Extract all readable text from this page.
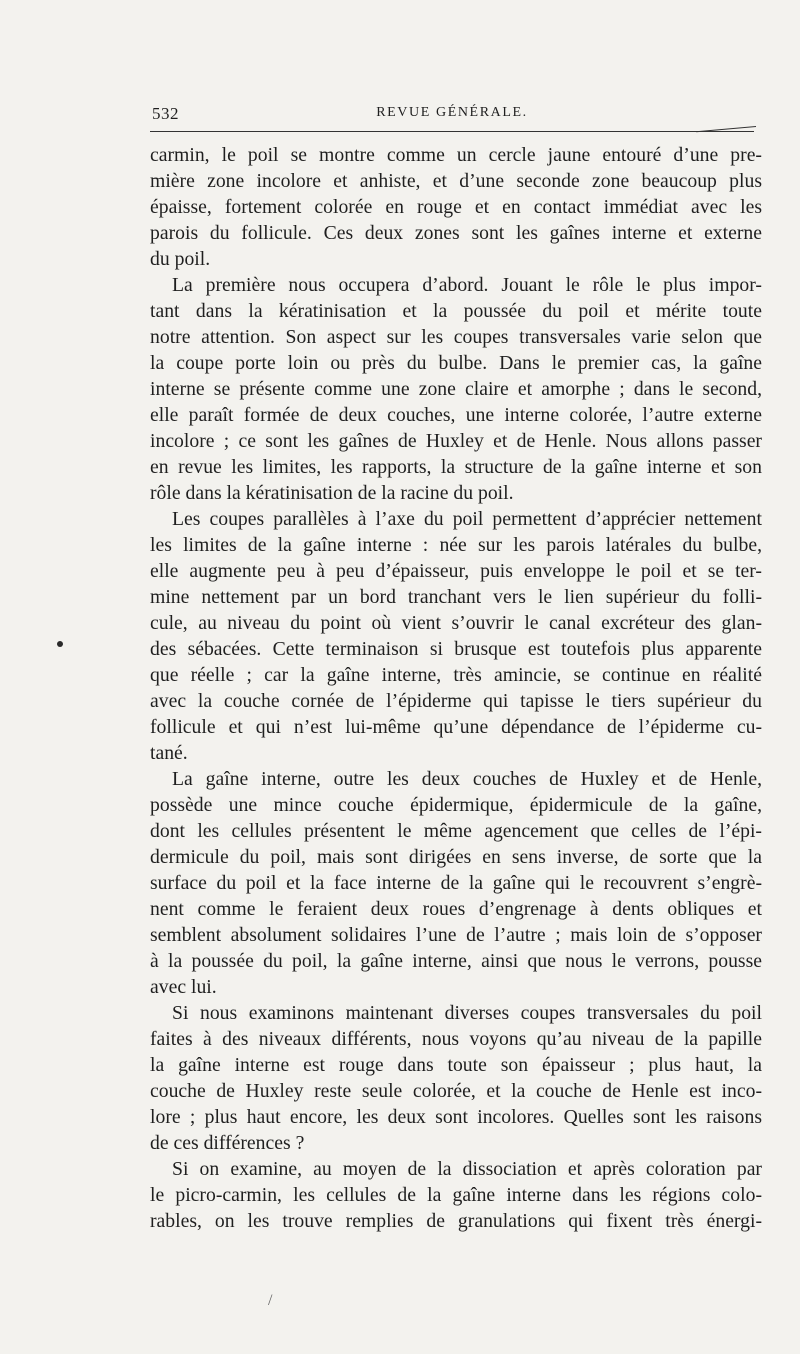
532	REVUE GÉNÉRALE.
carmin, le poil se montre comme un cercle jaune entouré d’une pre-
mière zone incolore et anhiste, et d’une seconde zone beaucoup plus
épaisse, fortement colorée en rouge et en contact immédiat avec les
parois du follicule. Ces deux zones sont les gaînes interne et externe
du poil.
La première nous occupera d’abord. Jouant le rôle le plus impor-
tant dans la kératinisation et la poussée du poil et mérite toute
notre attention. Son aspect sur les coupes transversales varie selon que
la coupe porte loin ou près du bulbe. Dans le premier cas, la gaîne
interne se présente comme une zone claire et amorphe ; dans le second,
elle paraît formée de deux couches, une interne colorée, l’autre externe
incolore ; ce sont les gaînes de Huxley et de Henle. Nous allons passer
en revue les limites, les rapports, la structure de la gaîne interne et son
rôle dans la kératinisation de la racine du poil.
Les coupes parallèles à l’axe du poil permettent d’apprécier nettement
les limites de la gaîne interne : née sur les parois latérales du bulbe,
elle augmente peu à peu d’épaisseur, puis enveloppe le poil et se ter-
mine nettement par un bord tranchant vers le lien supérieur du folli-
cule, au niveau du point où vient s’ouvrir le canal excréteur des glan-
des sébacées. Cette terminaison si brusque est toutefois plus apparente
que réelle ; car la gaîne interne, très amincie, se continue en réalité
avec la couche cornée de l’épiderme qui tapisse le tiers supérieur du
follicule et qui n’est lui-même qu’une dépendance de l’épiderme cu-
tané.
La gaîne interne, outre les deux couches de Huxley et de Henle,
possède une mince couche épidermique, épidermicule de la gaîne,
dont les cellules présentent le même agencement que celles de l’épi-
dermicule du poil, mais sont dirigées en sens inverse, de sorte que la
surface du poil et la face interne de la gaîne qui le recouvrent s’engrè-
nent comme le feraient deux roues d’engrenage à dents obliques et
semblent absolument solidaires l’une de l’autre ; mais loin de s’opposer
à la poussée du poil, la gaîne interne, ainsi que nous le verrons, pousse
avec lui.
Si nous examinons maintenant diverses coupes transversales du poil
faites à des niveaux différents, nous voyons qu’au niveau de la papille
la gaîne interne est rouge dans toute son épaisseur ; plus haut, la
couche de Huxley reste seule colorée, et la couche de Henle est inco-
lore ; plus haut encore, les deux sont incolores. Quelles sont les raisons
de ces différences ?
Si on examine, au moyen de la dissociation et après coloration par
le picro-carmin, les cellules de la gaîne interne dans les régions colo-
rables, on les trouve remplies de granulations qui fixent très énergi-
/
